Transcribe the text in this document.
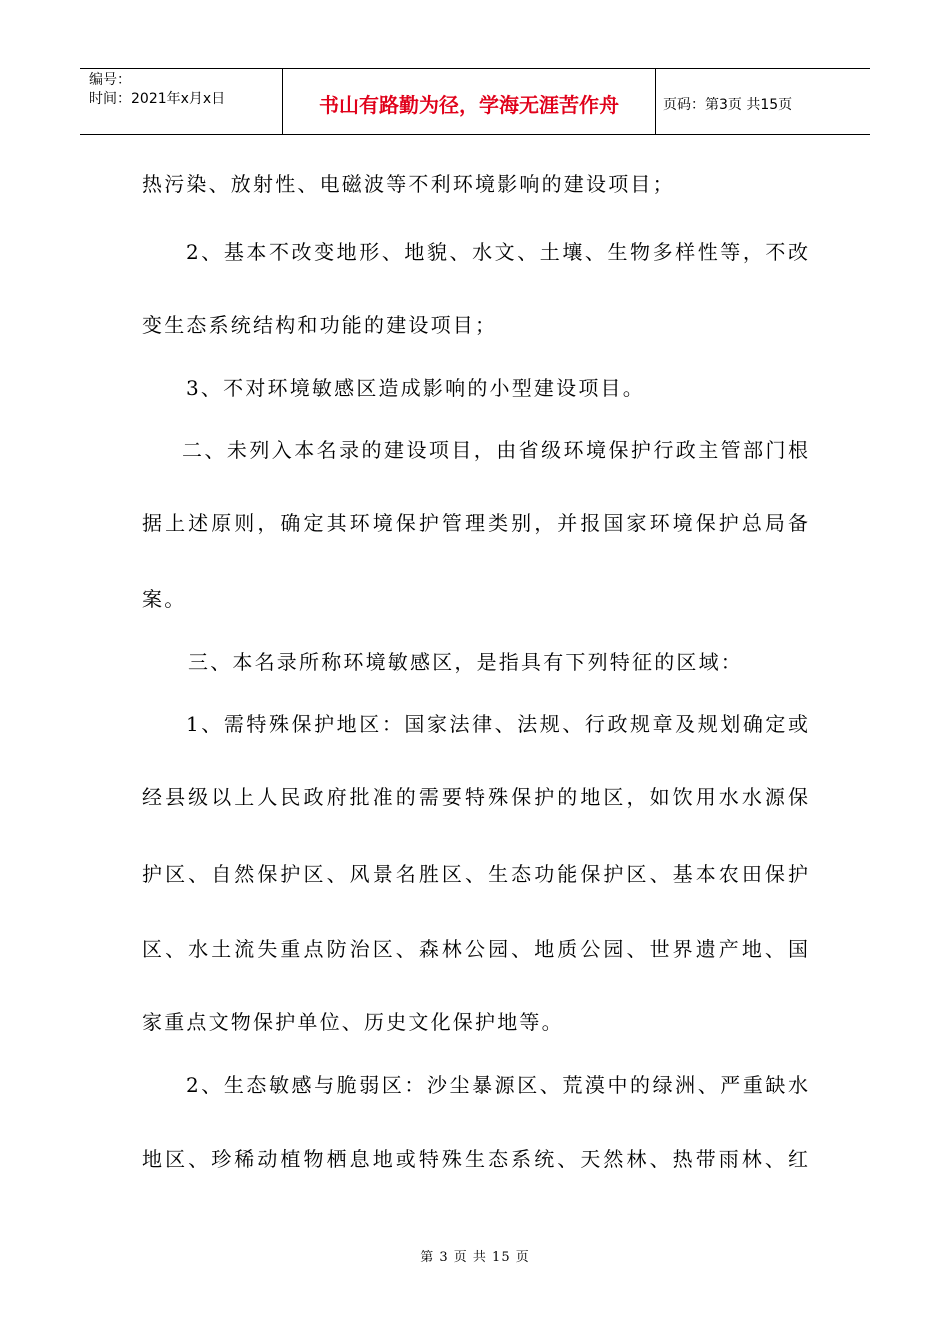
编号：
时间：2021年x月x日	书山有路勤为径，学海无涯苦作舟	页码：第3页 共15页
热污染、放射性、电磁波等不利环境影响的建设项目；
2、基本不改变地形、地貌、水文、土壤、生物多样性等，不改
变生态系统结构和功能的建设项目；
3、不对环境敏感区造成影响的小型建设项目。
二、未列入本名录的建设项目，由省级环境保护行政主管部门根
据上述原则，确定其环境保护管理类别，并报国家环境保护总局备
案。
三、本名录所称环境敏感区，是指具有下列特征的区域：
1、需特殊保护地区：国家法律、法规、行政规章及规划确定或
经县级以上人民政府批准的需要特殊保护的地区，如饮用水水源保
护区、自然保护区、风景名胜区、生态功能保护区、基本农田保护
区、水土流失重点防治区、森林公园、地质公园、世界遗产地、国
家重点文物保护单位、历史文化保护地等。
2、生态敏感与脆弱区：沙尘暴源区、荒漠中的绿洲、严重缺水
地区、珍稀动植物栖息地或特殊生态系统、天然林、热带雨林、红
第 3 页 共 15 页
